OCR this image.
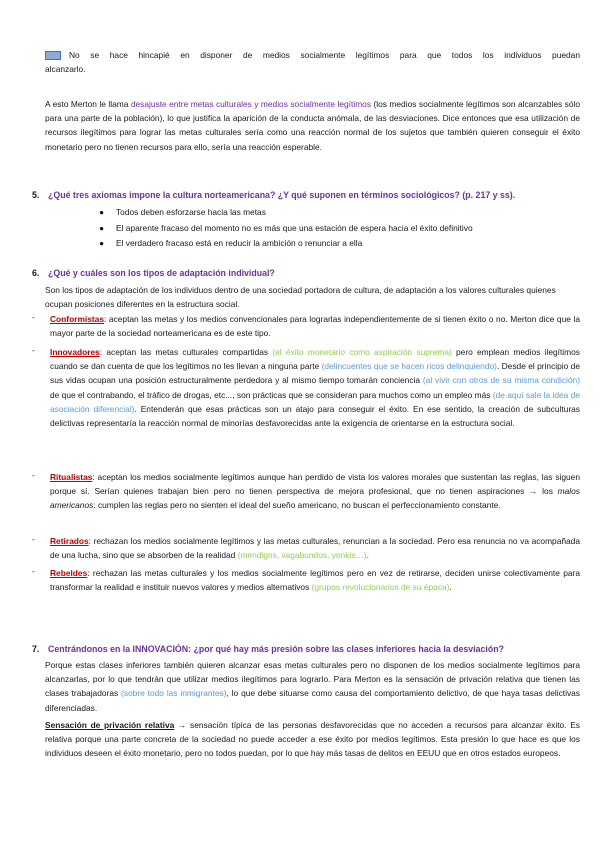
No se hace hincapié en disponer de medios socialmente legítimos para que todos los individuos puedan
alcanzarlo.
A esto Merton le llama desajuste entre metas culturales y medios socialmente legítimos (los medios socialmente legítimos son alcanzables sólo para una parte de la población), lo que justifica la aparición de la conducta anómala, de las desviaciones. Dice entonces que esa utilización de recursos ilegítimos para lograr las metas culturales sería como una reacción normal de los sujetos que también quieren conseguir el éxito monetario pero no tienen recursos para ello, sería una reacción esperable.
5. ¿Qué tres axiomas impone la cultura norteamericana? ¿Y qué suponen en términos sociológicos? (p. 217 y ss).
● Todos deben esforzarse hacia las metas
● El aparente fracaso del momento no es más que una estación de espera hacia el éxito definitivo
● El verdadero fracaso está en reducir la ambición o renunciar a ella
6. ¿Qué y cuáles son los tipos de adaptación individual?
Son los tipos de adaptación de los individuos dentro de una sociedad portadora de cultura, de adaptación a los valores culturales quienes ocupan posiciones diferentes en la estructura social.
- Conformistas: aceptan las metas y los medios convencionales para lograrlas independientemente de si tienen éxito o no. Merton dice que la mayor parte de la sociedad norteamericana es de este tipo.
- Innovadores: aceptan las metas culturales compartidas (el éxito monetario como aspiración suprema) pero emplean medios ilegítimos cuando se dan cuenta de que los legítimos no les llevan a ninguna parte (delincuentes que se hacen ricos delinquiendo). Desde el principio de sus vidas ocupan una posición estructuralmente perdedora y al mismo tiempo tomarán conciencia (al vivir con otros de su misma condición) de que el contrabando, el tráfico de drogas, etc..., son prácticas que se consideran para muchos como un empleo más (de aquí sale la idea de asociación diferencial). Entenderán que esas prácticas son un atajo para conseguir el éxito. En ese sentido, la creación de subculturas delictivas representaría la reacción normal de minorías desfavorecidas ante la exigencia de orientarse en la estructura social.
- Ritualistas: aceptan los medios socialmente legítimos aunque han perdido de vista los valores morales que sustentan las reglas, las siguen porque sí. Serían quienes trabajan bien pero no tienen perspectiva de mejora profesional, que no tienen aspiraciones → los malos americanos: cumplen las reglas pero no sienten el ideal del sueño americano, no buscan el perfeccionamiento constante.
- Retirados: rechazan los medios socialmente legítimos y las metas culturales, renuncian a la sociedad. Pero esa renuncia no va acompañada de una lucha, sino que se absorben de la realidad (mendigos, vagabundos, yonkis…).
- Rebeldes: rechazan las metas culturales y los medios socialmente legítimos pero en vez de retirarse, deciden unirse colectivamente para transformar la realidad e instituir nuevos valores y medios alternativos (grupos revolucionarios de su época).
7. Centrándonos en la INNOVACIÓN: ¿por qué hay más presión sobre las clases inferiores hacia la desviación?
Porque estas clases inferiores también quieren alcanzar esas metas culturales pero no disponen de los medios socialmente legítimos para alcanzarlas, por lo que tendrán que utilizar medios ilegítimos para lograrlo. Para Merton es la sensación de privación relativa que tienen las clases trabajadoras (sobre todo las inmigrantes), lo que debe situarse como causa del comportamiento delictivo, de que haya tasas delictivas diferenciadas.
Sensación de privación relativa → sensación típica de las personas desfavorecidas que no acceden a recursos para alcanzar éxito. Es relativa porque una parte concreta de la sociedad no puede acceder a ese éxito por medios legítimos. Esta presión lo que hace es que los individuos deseen el éxito monetario, pero no todos puedan, por lo que hay más tasas de delitos en EEUU que en otros estados europeos.
